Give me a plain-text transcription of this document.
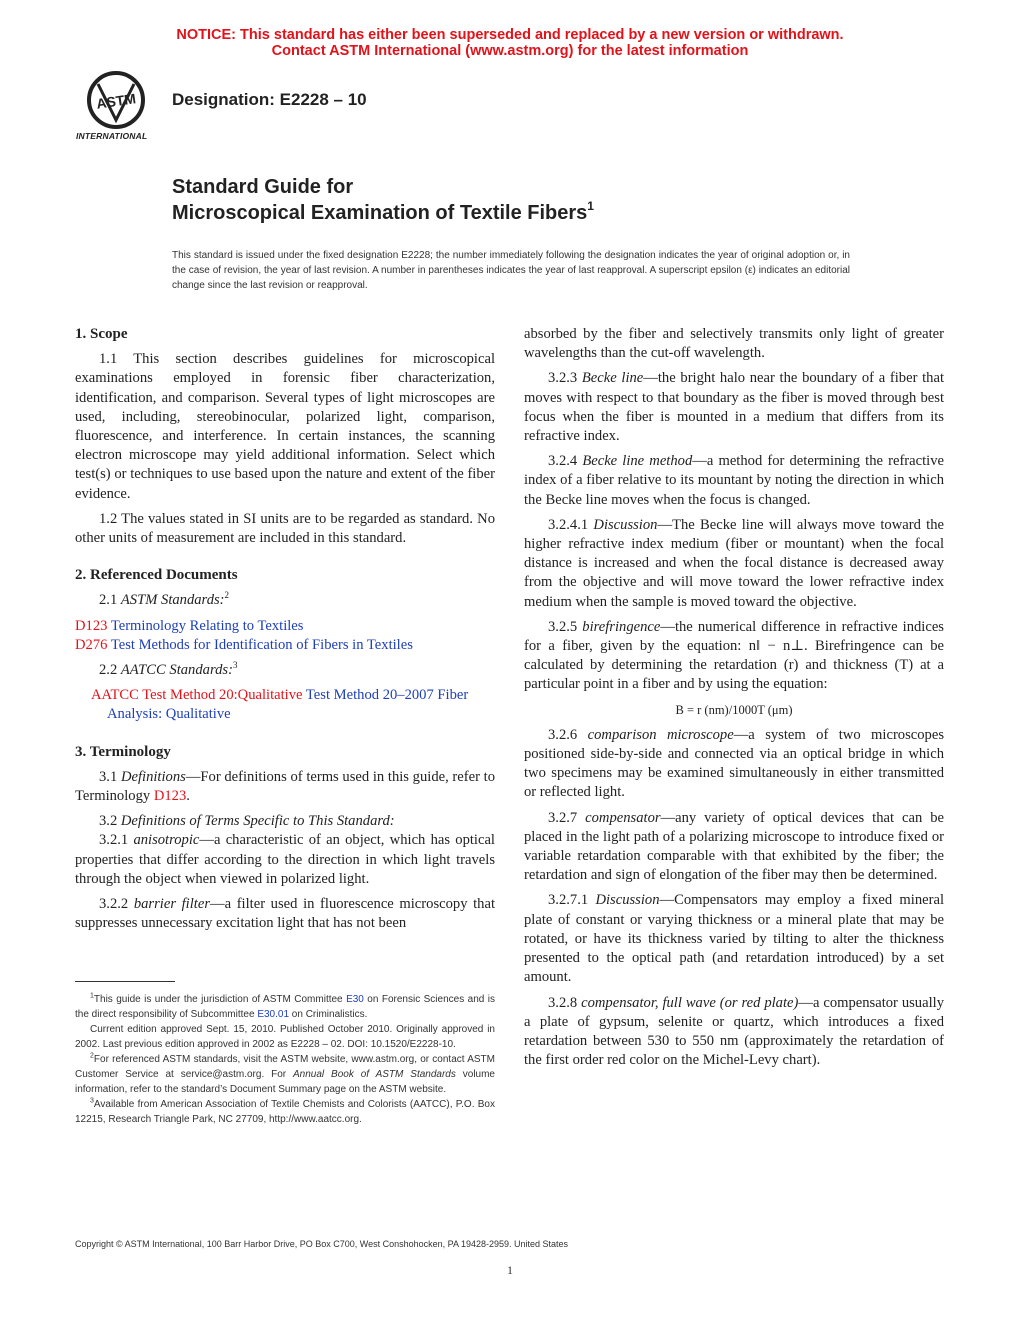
NOTICE: This standard has either been superseded and replaced by a new version or withdrawn.
Contact ASTM International (www.astm.org) for the latest information
ASTM
INTERNATIONAL
Designation: E2228 – 10
Standard Guide for
Microscopical Examination of Textile Fibers$^1$
This standard is issued under the fixed designation E2228; the number immediately following the designation indicates the year of original adoption or, in the case of revision, the year of last revision. A number in parentheses indicates the year of last reapproval. A superscript epsilon (ε) indicates an editorial change since the last revision or reapproval.
1. Scope

1.1 This section describes guidelines for microscopical examinations employed in forensic fiber characterization, identification, and comparison. Several types of light microscopes are used, including, stereobinocular, polarized light, comparison, fluorescence, and interference. In certain instances, the scanning electron microscope may yield additional information. Select which test(s) or techniques to use based upon the nature and extent of the fiber evidence.

1.2 The values stated in SI units are to be regarded as standard. No other units of measurement are included in this standard.

2. Referenced Documents

2.1 ASTM Standards:$^2$

D123 Terminology Relating to Textiles
D276 Test Methods for Identification of Fibers in Textiles

2.2 AATCC Standards:$^3$

AATCC Test Method 20:Qualitative Test Method 20–2007 Fiber Analysis: Qualitative
3. Terminology

3.1 Definitions—For definitions of terms used in this guide, refer to Terminology D123.

3.2 Definitions of Terms Specific to This Standard:

3.2.1 anisotropic—a characteristic of an object, which has optical properties that differ according to the direction in which light travels through the object when viewed in polarized light.

3.2.2 barrier filter—a filter used in fluorescence microscopy that suppresses unnecessary excitation light that has not been

absorbed by the fiber and selectively transmits only light of greater wavelengths than the cut-off wavelength.

3.2.3 Becke line—the bright halo near the boundary of a fiber that moves with respect to that boundary as the fiber is moved through best focus when the fiber is mounted in a medium that differs from its refractive index.

3.2.4 Becke line method—a method for determining the refractive index of a fiber relative to its mountant by noting the direction in which the Becke line moves when the focus is changed.

3.2.4.1 Discussion—The Becke line will always move toward the higher refractive index medium (fiber or mountant) when the focal distance is increased and when the focal distance is decreased away from the objective and will move toward the lower refractive index medium when the sample is moved toward the objective.

3.2.5 birefringence—the numerical difference in refractive indices for a fiber, given by the equation: n‖ − n⊥. Birefringence can be calculated by determining the retardation (r) and thickness (T) at a particular point in a fiber and by using the equation:

B = r (nm)/1000T (μm)

3.2.6 comparison microscope—a system of two microscopes positioned side-by-side and connected via an optical bridge in which two specimens may be examined simultaneously in either transmitted or reflected light.

3.2.7 compensator—any variety of optical devices that can be placed in the light path of a polarizing microscope to introduce fixed or variable retardation comparable with that exhibited by the fiber; the retardation and sign of elongation of the fiber may then be determined.

3.2.7.1 Discussion—Compensators may employ a fixed mineral plate of constant or varying thickness or a mineral plate that may be rotated, or have its thickness varied by tilting to alter the thickness presented to the optical path (and retardation introduced) by a set amount.

3.2.8 compensator, full wave (or red plate)—a compensator usually a plate of gypsum, selenite or quartz, which introduces a fixed retardation between 530 to 550 nm (approximately the retardation of the first order red color on the Michel-Levy chart).

$^1$This guide is under the jurisdiction of ASTM Committee E30 on Forensic Sciences and is the direct responsibility of Subcommittee E30.01 on Criminalistics.

Current edition approved Sept. 15, 2010. Published October 2010. Originally approved in 2002. Last previous edition approved in 2002 as E2228 – 02. DOI: 10.1520/E2228-10.

$^2$For referenced ASTM standards, visit the ASTM website, www.astm.org, or contact ASTM Customer Service at service@astm.org. For Annual Book of ASTM Standards volume information, refer to the standard’s Document Summary page on the ASTM website.

$^3$Available from American Association of Textile Chemists and Colorists (AATCC), P.O. Box 12215, Research Triangle Park, NC 27709, http://www.aatcc.org.

Copyright © ASTM International, 100 Barr Harbor Drive, PO Box C700, West Conshohocken, PA 19428-2959. United States
1
